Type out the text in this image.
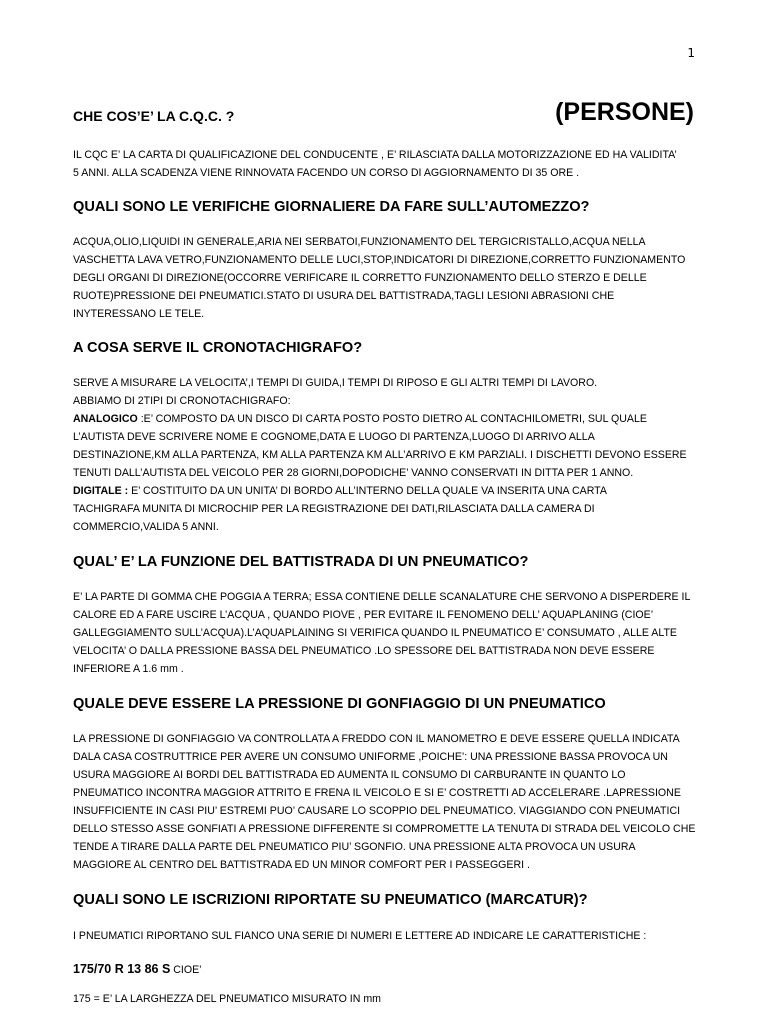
1
CHE COS’E’ LA C.Q.C. ?	(PERSONE)

IL CQC E’ LA CARTA DI QUALIFICAZIONE DEL CONDUCENTE , E’ RILASCIATA DALLA MOTORIZZAZIONE ED HA VALIDITA’
5 ANNI. ALLA SCADENZA VIENE RINNOVATA FACENDO UN CORSO DI AGGIORNAMENTO DI 35 ORE .

QUALI SONO LE VERIFICHE GIORNALIERE DA FARE SULL’AUTOMEZZO?

ACQUA,OLIO,LIQUIDI IN GENERALE,ARIA NEI SERBATOI,FUNZIONAMENTO DEL TERGICRISTALLO,ACQUA NELLA
VASCHETTA LAVA VETRO,FUNZIONAMENTO DELLE LUCI,STOP,INDICATORI DI DIREZIONE,CORRETTO FUNZIONAMENTO
DEGLI ORGANI DI DIREZIONE(OCCORRE VERIFICARE IL CORRETTO FUNZIONAMENTO DELLO STERZO E DELLE
RUOTE)PRESSIONE DEI PNEUMATICI.STATO DI USURA DEL BATTISTRADA,TAGLI LESIONI ABRASIONI CHE
INYTERESSANO LE TELE.

A COSA SERVE IL CRONOTACHIGRAFO?

SERVE A MISURARE LA VELOCITA’,I TEMPI DI GUIDA,I TEMPI DI RIPOSO E GLI ALTRI TEMPI DI LAVORO.
ABBIAMO DI 2TIPI DI CRONOTACHIGRAFO:
ANALOGICO :E’ COMPOSTO DA UN DISCO DI CARTA POSTO POSTO DIETRO AL CONTACHILOMETRI, SUL QUALE
L’AUTISTA DEVE SCRIVERE NOME E COGNOME,DATA E LUOGO DI PARTENZA,LUOGO DI ARRIVO ALLA
DESTINAZIONE,KM ALLA PARTENZA, KM ALLA PARTENZA KM ALL’ARRIVO E KM PARZIALI. I DISCHETTI DEVONO ESSERE
TENUTI DALL’AUTISTA DEL VEICOLO PER 28 GIORNI,DOPODICHE’ VANNO CONSERVATI IN DITTA PER 1 ANNO.
DIGITALE : E’ COSTITUITO DA UN UNITA’ DI BORDO ALL’INTERNO DELLA QUALE VA INSERITA UNA CARTA
TACHIGRAFA MUNITA DI MICROCHIP PER LA REGISTRAZIONE DEI DATI,RILASCIATA DALLA CAMERA DI
COMMERCIO,VALIDA 5 ANNI.

QUAL’ E’ LA FUNZIONE DEL BATTISTRADA DI UN PNEUMATICO?

E’ LA PARTE DI GOMMA CHE POGGIA A TERRA; ESSA CONTIENE DELLE SCANALATURE CHE SERVONO A DISPERDERE IL
CALORE ED A FARE USCIRE L’ACQUA , QUANDO PIOVE , PER EVITARE IL FENOMENO DELL’ AQUAPLANING (CIOE’
GALLEGGIAMENTO SULL’ACQUA).L’AQUAPLAINING SI VERIFICA QUANDO IL PNEUMATICO E’ CONSUMATO , ALLE ALTE
VELOCITA’ O DALLA PRESSIONE BASSA DEL PNEUMATICO .LO SPESSORE DEL BATTISTRADA NON DEVE ESSERE
INFERIORE A 1.6 mm .

QUALE DEVE ESSERE LA PRESSIONE DI GONFIAGGIO DI UN PNEUMATICO

LA PRESSIONE DI GONFIAGGIO VA CONTROLLATA A FREDDO CON IL MANOMETRO E DEVE ESSERE QUELLA INDICATA
DALA CASA COSTRUTTRICE PER AVERE UN CONSUMO UNIFORME ,POICHE’: UNA PRESSIONE BASSA PROVOCA UN
USURA MAGGIORE AI BORDI DEL BATTISTRADA ED AUMENTA IL CONSUMO DI CARBURANTE IN QUANTO LO
PNEUMATICO INCONTRA MAGGIOR ATTRITO E FRENA IL VEICOLO E SI E’ COSTRETTI AD ACCELERARE .LAPRESSIONE
INSUFFICIENTE IN CASI PIU’ ESTREMI PUO’ CAUSARE LO SCOPPIO DEL PNEUMATICO. VIAGGIANDO CON PNEUMATICI
DELLO STESSO ASSE GONFIATI A PRESSIONE DIFFERENTE SI COMPROMETTE LA TENUTA DI STRADA DEL VEICOLO CHE
TENDE A TIRARE DALLA PARTE DEL PNEUMATICO PIU’ SGONFIO. UNA PRESSIONE ALTA PROVOCA UN USURA
MAGGIORE AL CENTRO DEL BATTISTRADA ED UN MINOR COMFORT PER I PASSEGGERI .

QUALI SONO LE ISCRIZIONI RIPORTATE SU PNEUMATICO (MARCATUR)?

I PNEUMATICI RIPORTANO SUL FIANCO UNA SERIE DI NUMERI E LETTERE AD INDICARE LE CARATTERISTICHE :

175/70 R 13 86 S CIOE’

175 = E’ LA LARGHEZZA DEL PNEUMATICO MISURATO IN mm
